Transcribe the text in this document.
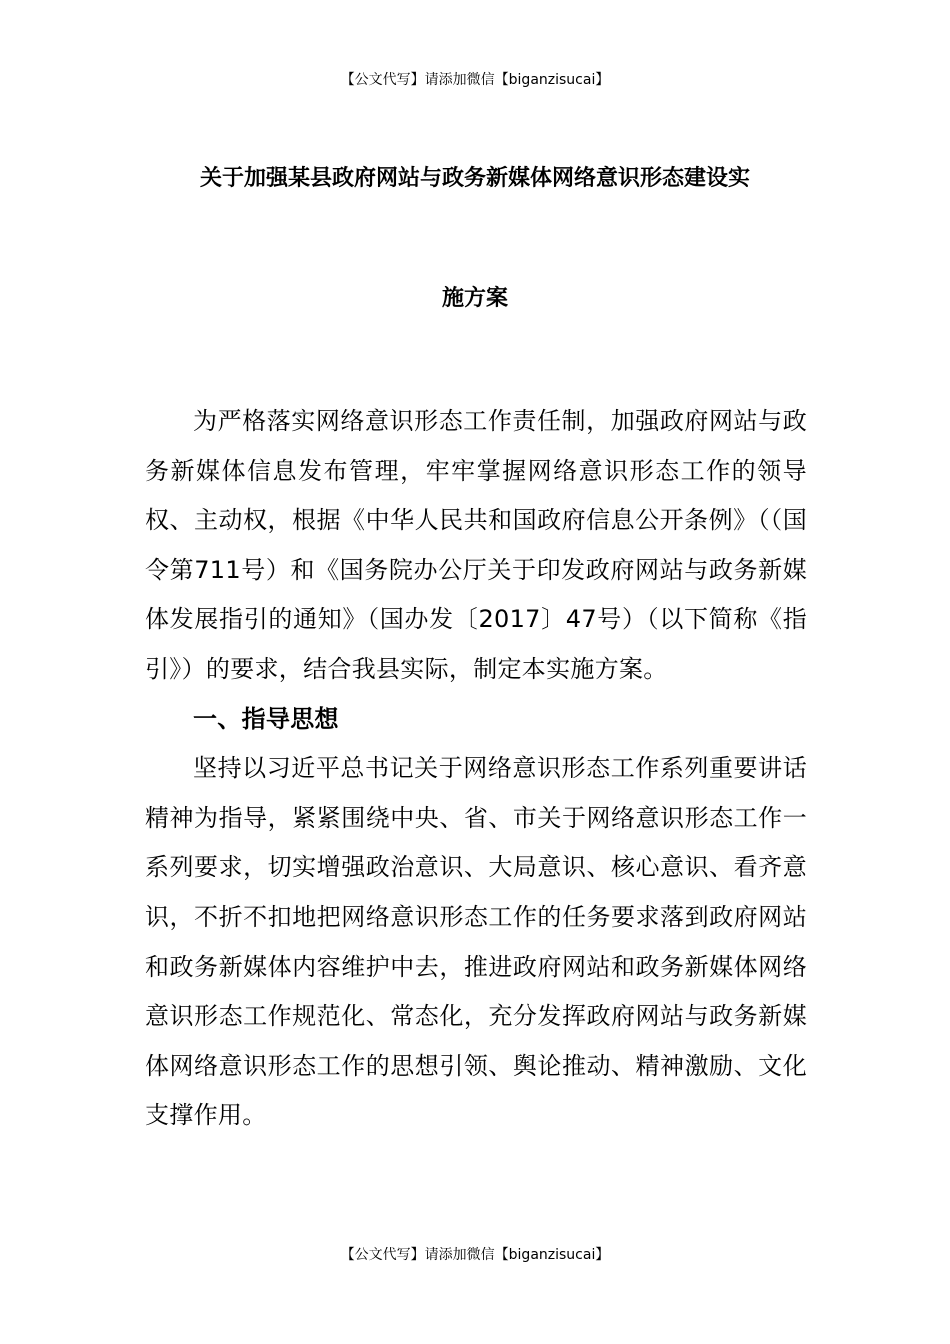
【公文代写】请添加微信【biganzisucai】
关于加强某县政府网站与政务新媒体网络意识形态建设实
施方案

为严格落实网络意识形态工作责任制，加强政府网站与政务新媒体信息发布管理，牢牢掌握网络意识形态工作的领导权、主动权，根据《中华人民共和国政府信息公开条例》（（国令第711号）和《国务院办公厅关于印发政府网站与政务新媒体发展指引的通知》（国办发〔2017〕47号）（以下简称《指引》）的要求，结合我县实际，制定本实施方案。

一、指导思想

坚持以习近平总书记关于网络意识形态工作系列重要讲话精神为指导，紧紧围绕中央、省、市关于网络意识形态工作一系列要求，切实增强政治意识、大局意识、核心意识、看齐意识，不折不扣地把网络意识形态工作的任务要求落到政府网站和政务新媒体内容维护中去，推进政府网站和政务新媒体网络意识形态工作规范化、常态化，充分发挥政府网站与政务新媒体网络意识形态工作的思想引领、舆论推动、精神激励、文化支撑作用。

【公文代写】请添加微信【biganzisucai】
